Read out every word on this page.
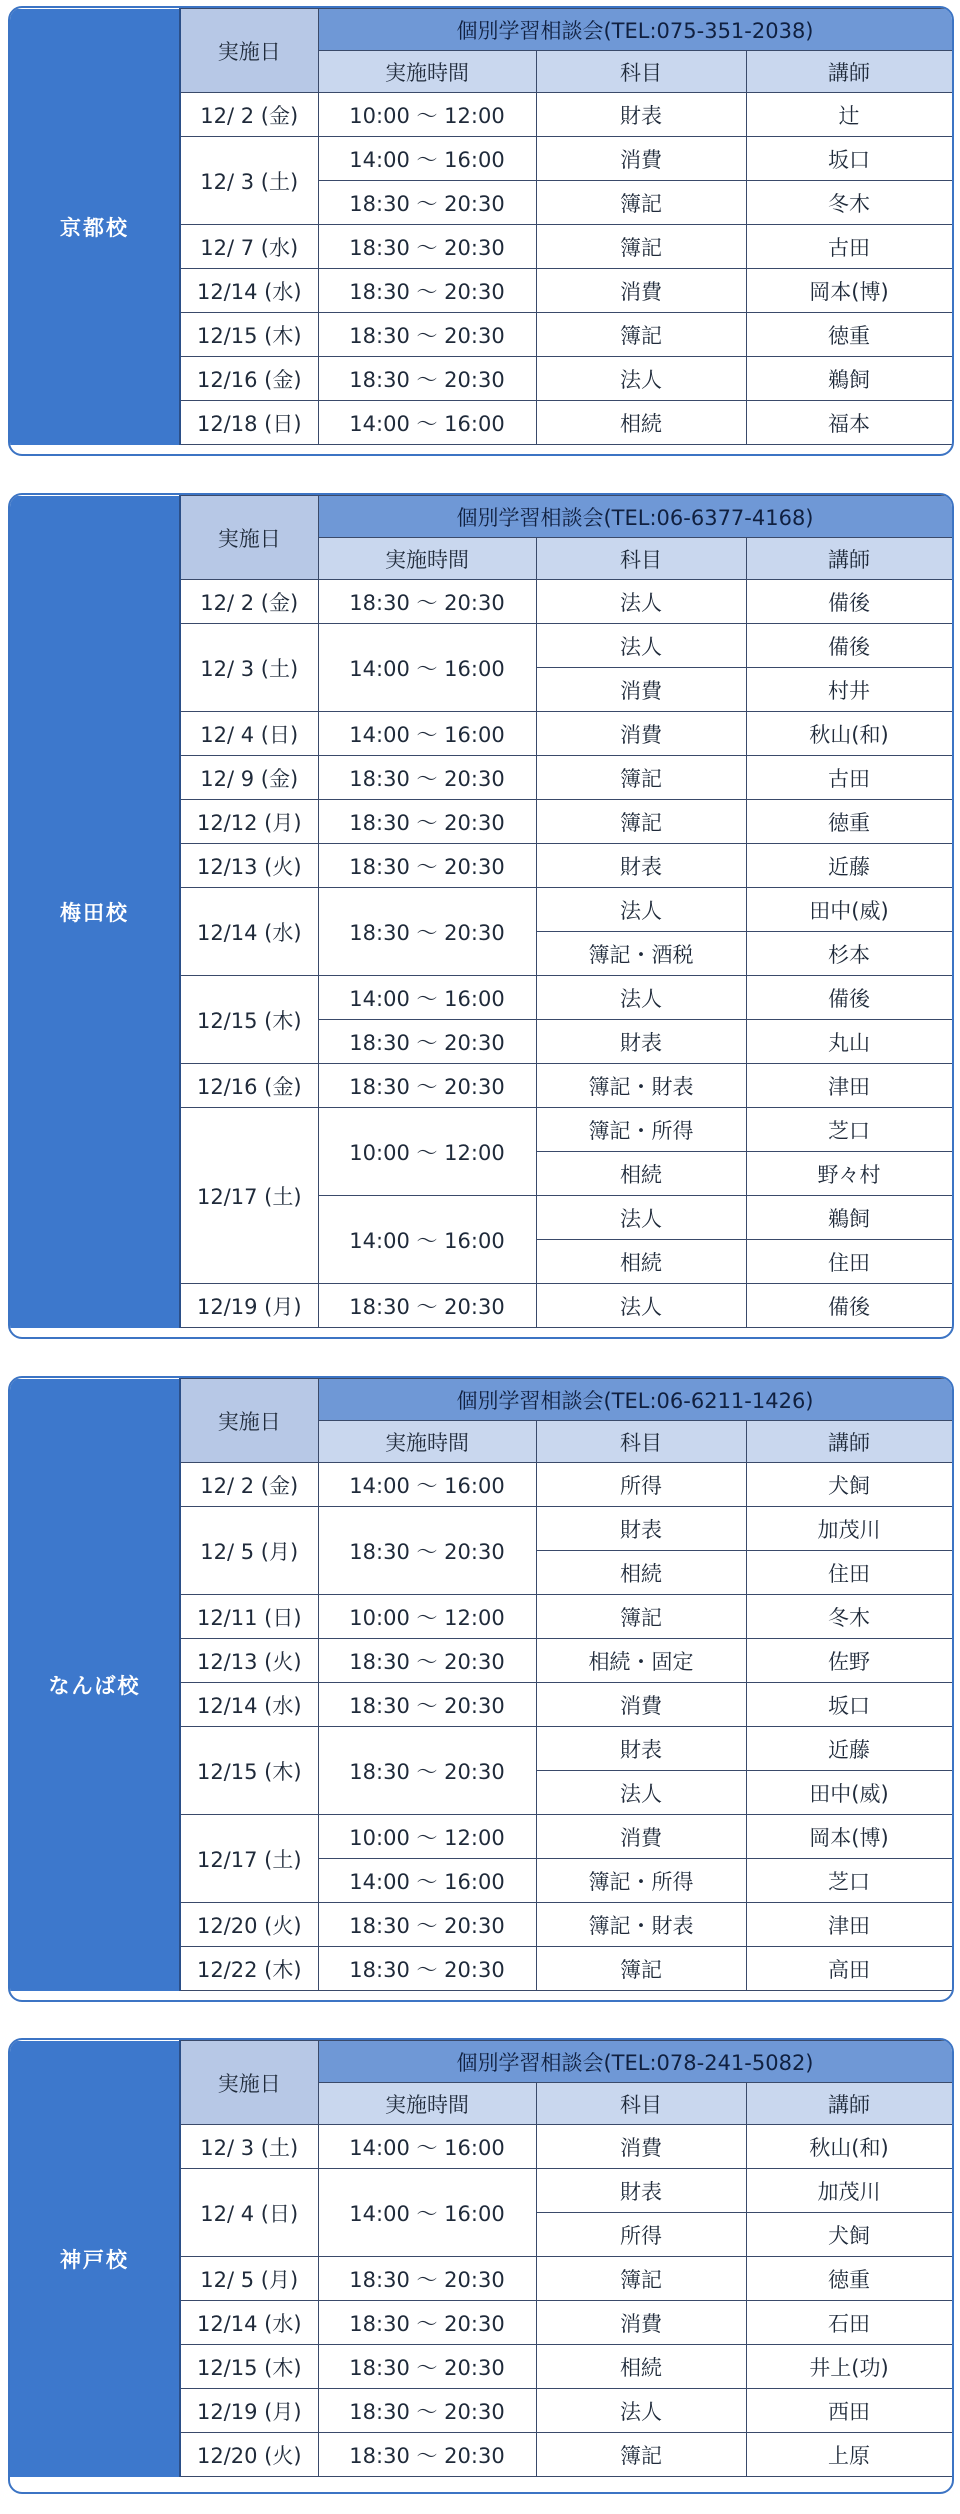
京都校	実施日	個別学習相談会(TEL:075-351-2038)		
		実施時間	科目	講師
	12/ 2 (金)	10:00 〜 12:00	財表	辻
	12/ 3 (土)	14:00 〜 16:00	消費	坂口
		18:30 〜 20:30	簿記	冬木
	12/ 7 (水)	18:30 〜 20:30	簿記	古田
	12/14 (水)	18:30 〜 20:30	消費	岡本(博)
	12/15 (木)	18:30 〜 20:30	簿記	徳重
	12/16 (金)	18:30 〜 20:30	法人	鵜飼
	12/18 (日)	14:00 〜 16:00	相続	福本
梅田校	実施日	個別学習相談会(TEL:06-6377-4168)		
		実施時間	科目	講師
	12/ 2 (金)	18:30 〜 20:30	法人	備後
	12/ 3 (土)	14:00 〜 16:00	法人	備後
			消費	村井
	12/ 4 (日)	14:00 〜 16:00	消費	秋山(和)
	12/ 9 (金)	18:30 〜 20:30	簿記	古田
	12/12 (月)	18:30 〜 20:30	簿記	徳重
	12/13 (火)	18:30 〜 20:30	財表	近藤
	12/14 (水)	18:30 〜 20:30	法人	田中(威)
			簿記・酒税	杉本
	12/15 (木)	14:00 〜 16:00	法人	備後
		18:30 〜 20:30	財表	丸山
	12/16 (金)	18:30 〜 20:30	簿記・財表	津田
	12/17 (土)	10:00 〜 12:00	簿記・所得	芝口
			相続	野々村
		14:00 〜 16:00	法人	鵜飼
			相続	住田
	12/19 (月)	18:30 〜 20:30	法人	備後
なんば校	実施日	個別学習相談会(TEL:06-6211-1426)		
		実施時間	科目	講師
	12/ 2 (金)	14:00 〜 16:00	所得	犬飼
	12/ 5 (月)	18:30 〜 20:30	財表	加茂川
			相続	住田
	12/11 (日)	10:00 〜 12:00	簿記	冬木
	12/13 (火)	18:30 〜 20:30	相続・固定	佐野
	12/14 (水)	18:30 〜 20:30	消費	坂口
	12/15 (木)	18:30 〜 20:30	財表	近藤
			法人	田中(威)
	12/17 (土)	10:00 〜 12:00	消費	岡本(博)
		14:00 〜 16:00	簿記・所得	芝口
	12/20 (火)	18:30 〜 20:30	簿記・財表	津田
	12/22 (木)	18:30 〜 20:30	簿記	高田
神戸校	実施日	個別学習相談会(TEL:078-241-5082)		
		実施時間	科目	講師
	12/ 3 (土)	14:00 〜 16:00	消費	秋山(和)
	12/ 4 (日)	14:00 〜 16:00	財表	加茂川
			所得	犬飼
	12/ 5 (月)	18:30 〜 20:30	簿記	徳重
	12/14 (水)	18:30 〜 20:30	消費	石田
	12/15 (木)	18:30 〜 20:30	相続	井上(功)
	12/19 (月)	18:30 〜 20:30	法人	西田
	12/20 (火)	18:30 〜 20:30	簿記	上原
